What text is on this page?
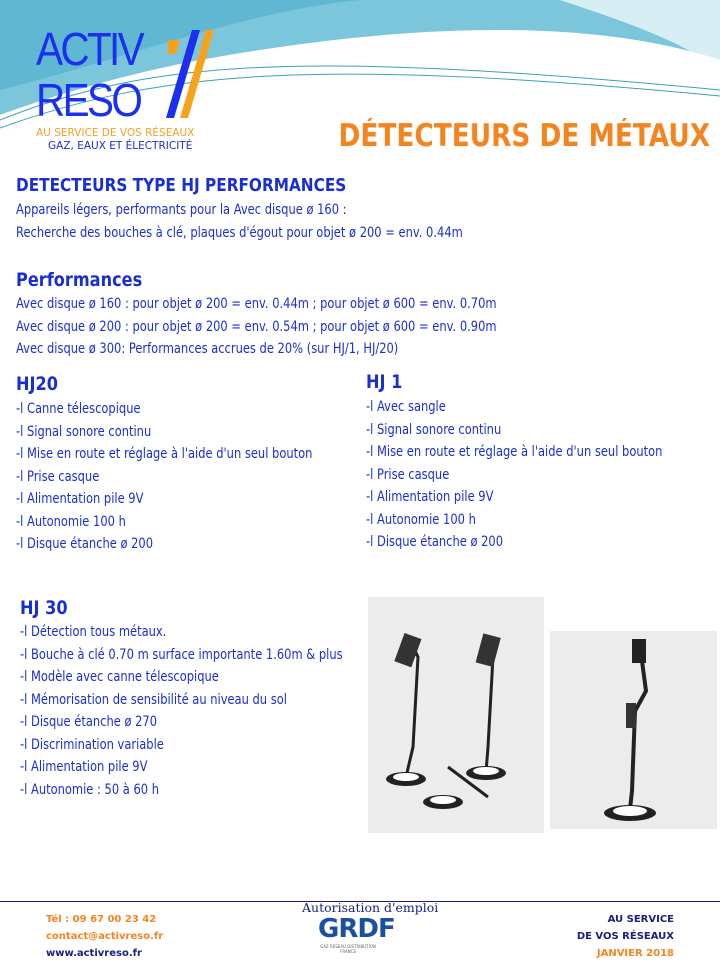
ACTIV
RESO
AU SERVICE DE VOS RÉSEAUX
GAZ, EAUX ET ÉLECTRICITÉ	DÉTECTEURS DE MÉTAUX
DETECTEURS TYPE HJ PERFORMANCES
Appareils légers, performants pour la Avec disque ø 160 :
Recherche des bouches à clé, plaques d'égout pour objet ø 200 = env. 0.44m
Performances
Avec disque ø 160 : pour objet ø 200 = env. 0.44m ; pour objet ø 600 = env. 0.70m
Avec disque ø 200 : pour objet ø 200 = env. 0.54m ; pour objet ø 600 = env. 0.90m
Avec disque ø 300: Performances accrues de 20% (sur HJ/1, HJ/20)
HJ20
-l Canne télescopique
-l Signal sonore continu
-l Mise en route et réglage à l'aide d'un seul bouton
-l Prise casque
-l Alimentation pile 9V
-l Autonomie 100 h
-l Disque étanche ø 200
HJ 1
-l Avec sangle
-l Signal sonore continu
-l Mise en route et réglage à l'aide d'un seul bouton
-l Prise casque
-l Alimentation pile 9V
-l Autonomie 100 h
-l Disque étanche ø 200
HJ 30
-l Détection tous métaux.
-l Bouche à clé 0.70 m surface importante 1.60m & plus
-l Modèle avec canne télescopique
-l Mémorisation de sensibilité au niveau du sol
-l Disque étanche ø 270
-l Discrimination variable
-l Alimentation pile 9V
-l Autonomie : 50 à 60 h
Tél : 09 67 00 23 42
contact@activreso.fr
www.activreso.fr
Autorisation d'emploi
GRDF
GAZ RÉSEAU DISTRIBUTION FRANCE
AU SERVICE
DE VOS RÉSEAUX
JANVIER 2018
